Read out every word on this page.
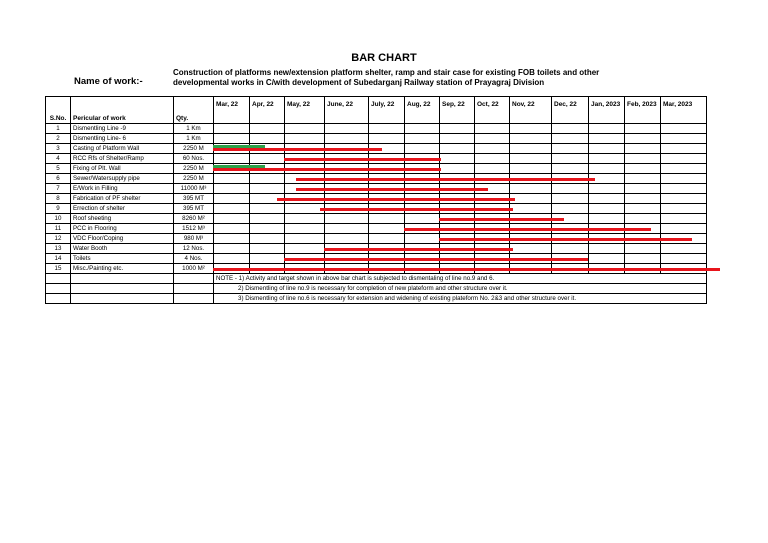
BAR CHART
Name of work:-
Construction of platforms new/extension platform shelter, ramp and stair case for existing FOB toilets and other
developmental works in C/with development of Subedarganj Railway station of Prayagraj Division
S.No.	Pericular of work	Qty.	Mar, 22	Apr, 22	May, 22	June, 22	July, 22	Aug, 22	Sep, 22	Oct, 22	Nov, 22	Dec, 22	Jan, 2023	Feb, 2023	Mar, 2023
1	Dismentling Line -9	1 Km													
2	Dismentling Line- 6	1 Km													
3	Casting of Platform Wall	2250 M													
4	RCC Rfs of Shelter/Ramp	60 Nos.													
5	Fixing of Plt. Wall	2250 M													
6	Sewer/Watersupply pipe	2250 M													
7	E/Work in Filling	11000 M³													
8	Fabrication of PF shelter	395 MT													
9	Errection of shelter	395 MT													
10	Roof sheeting	8260 M²													
11	PCC in Flooring	1512 M³													
12	VDC Floor/Coping	980 M³													
13	Water Booth	12 Nos.													
14	Toilets	4 Nos.													
15	Misc./Painting etc.	1000 M²													
			NOTE - 1) Activity and target shown in above bar chart is subjected to dismentaling of line no.9 and 6.												
			2) Dismentling of line no.9 is necessary for completion of new plateform and other structure over it.												
			3) Dismentling of line no.6 is necessary for extension and widening of existing plateform No. 2&3 and other structure over it.												
